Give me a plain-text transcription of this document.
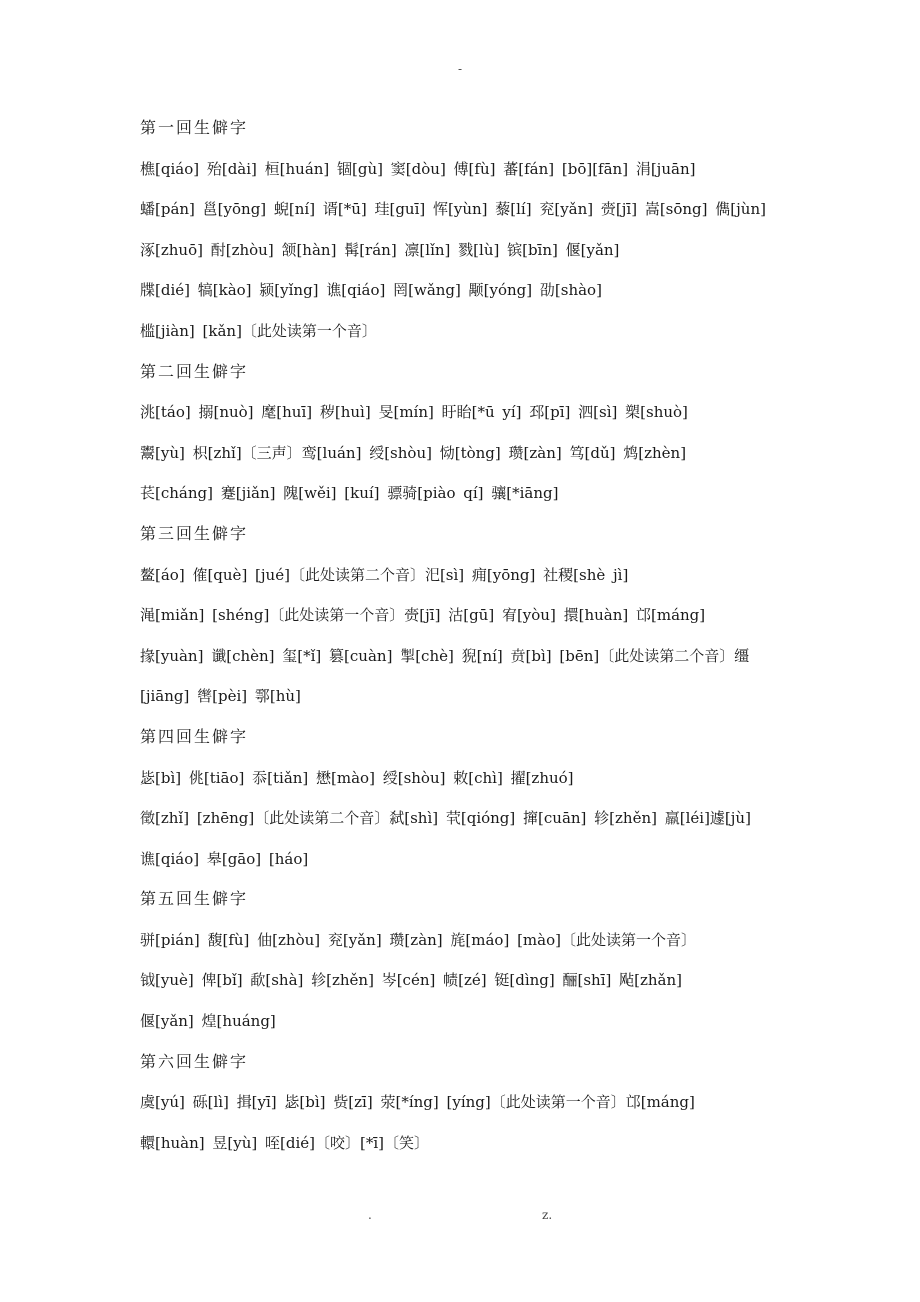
-
第一回生僻字
樵[qiáo] 殆[dài] 桓[huán] 锢[gù] 窦[dòu] 傅[fù] 蕃[fán] [bō][fān] 涓[juān]
蟠[pán] 邕[yōng] 蜺[ní] 谞[*ū] 珪[guī] 恽[yùn] 藜[lí] 兖[yǎn] 赍[jī] 嵩[sōng] 儁[jùn]
涿[zhuō] 酎[zhòu] 颔[hàn] 髯[rán] 凛[lǐn] 戮[lù] 镔[bīn] 偃[yǎn]
牒[dié] 犒[kào] 颍[yǐng] 谯[qiáo] 罔[wǎng] 颙[yóng] 劭[shào]
槛[jiàn] [kǎn]〔此处读第一个音〕
第二回生僻字
洮[táo] 搦[nuò] 麾[huī] 秽[huì] 旻[mín] 盱眙[*ū yí] 邳[pī] 泗[sì] 槊[shuò]
鬻[yù] 枳[zhǐ]〔三声〕鸾[luán] 绶[shòu] 恸[tòng] 瓒[zàn] 笃[dǔ] 鸩[zhèn]
苌[cháng] 蹇[jiǎn] 隗[wěi] [kuí] 骠骑[piào qí] 骧[*iāng]
第三回生僻字
鳌[áo] 傕[què] [jué]〔此处读第二个音〕汜[sì] 痈[yōng] 社稷[shè jì]
渑[miǎn] [shéng]〔此处读第一个音〕赍[jī] 沽[gū] 宥[yòu] 擐[huàn] 邙[máng]
掾[yuàn] 谶[chèn] 玺[*ǐ] 篡[cuàn] 掣[chè] 猊[ní] 贲[bì] [bēn]〔此处读第二个音〕缰
[jiāng] 辔[pèi] 鄠[hù]
第四回生僻字
毖[bì] 佻[tiāo] 忝[tiǎn] 懋[mào] 绶[shòu] 敕[chì] 擢[zhuó]
徵[zhǐ] [zhēng]〔此处读第二个音〕弑[shì] 茕[qióng] 撺[cuān] 轸[zhěn] 羸[léi]遽[jù]
谯[qiáo] 皋[gāo] [háo]
第五回生僻字
骈[pián] 馥[fù] 伷[zhòu] 兖[yǎn] 瓒[zàn] 旄[máo] [mào]〔此处读第一个音〕
钺[yuè] 俾[bǐ] 歃[shà] 轸[zhěn] 岑[cén] 帻[zé] 铤[dìng] 酾[shī] 飐[zhǎn]
偃[yǎn] 煌[huáng]
第六回生僻字
虞[yú] 砾[lì] 揖[yī] 毖[bì] 赀[zī] 荥[*íng] [yíng]〔此处读第一个音〕邙[máng]
轘[huàn] 昱[yù] 咥[dié]〔咬〕[*ī]〔笑〕
.	z.
